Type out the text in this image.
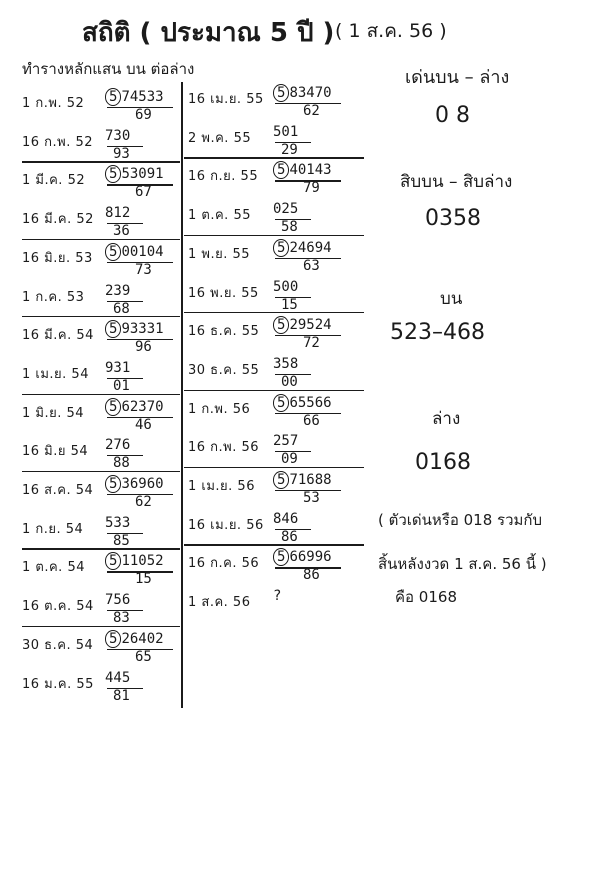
สถิติ ( ประมาณ 5 ปี ) ( 1 ส.ค. 56 )
ทำรางหลักแสน บน ต่อล่าง
1 ก.พ. 52 5 74533
69
16 ก.พ. 52 730
93
1 มี.ค. 52 5 53091
67
16 มี.ค. 52 812
36
16 มิ.ย. 53 5 00104
73
1 ก.ค. 53 239
68
16 มี.ค. 54 5 93331
96
1 เม.ย. 54 931
01
1 มิ.ย. 54 5 62370
46
16 มิ.ย 54 276
88
16 ส.ค. 54 5 36960
62
1 ก.ย. 54 533
85
1 ต.ค. 54 5 11052
15
16 ต.ค. 54 756
83
30 ธ.ค. 54 5 26402
65
16 ม.ค. 55 445
81
16 เม.ย. 55 5 83470
62
2 พ.ค. 55 501
29
16 ก.ย. 55 5 40143
79
1 ต.ค. 55 025
58
1 พ.ย. 55 5 24694
63
16 พ.ย. 55 500
15
16 ธ.ค. 55 5 29524
72
30 ธ.ค. 55 358
00
1 ก.พ. 56 5 65566
66
16 ก.พ. 56 257
09
1 เม.ย. 56 5 71688
53
16 เม.ย. 56 846
86
16 ก.ค. 56 5 66996
86
1 ส.ค. 56 ?
เด่นบน – ล่าง
0 8
สิบบน – สิบล่าง
0358
บน
523–468
ล่าง
0168
( ตัวเด่นหรือ 018 รวมกับ
สิ้นหลังงวด 1 ส.ค. 56 นี้ )
คือ 0168
